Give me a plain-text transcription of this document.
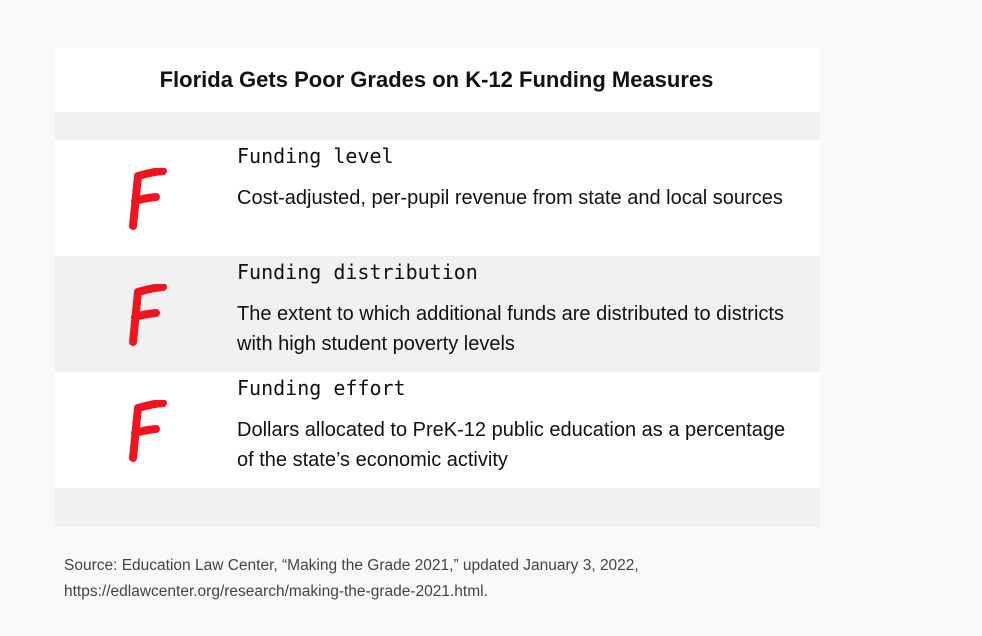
Florida Gets Poor Grades on K-12 Funding Measures
Funding level
Cost-adjusted, per-pupil revenue from state and local sources
Funding distribution
The extent to which additional funds are distributed to districts with high student poverty levels
Funding effort
Dollars allocated to PreK-12 public education as a percentage of the state’s economic activity
Source: Education Law Center, “Making the Grade 2021,” updated January 3, 2022,
https://edlawcenter.org/research/making-the-grade-2021.html.
